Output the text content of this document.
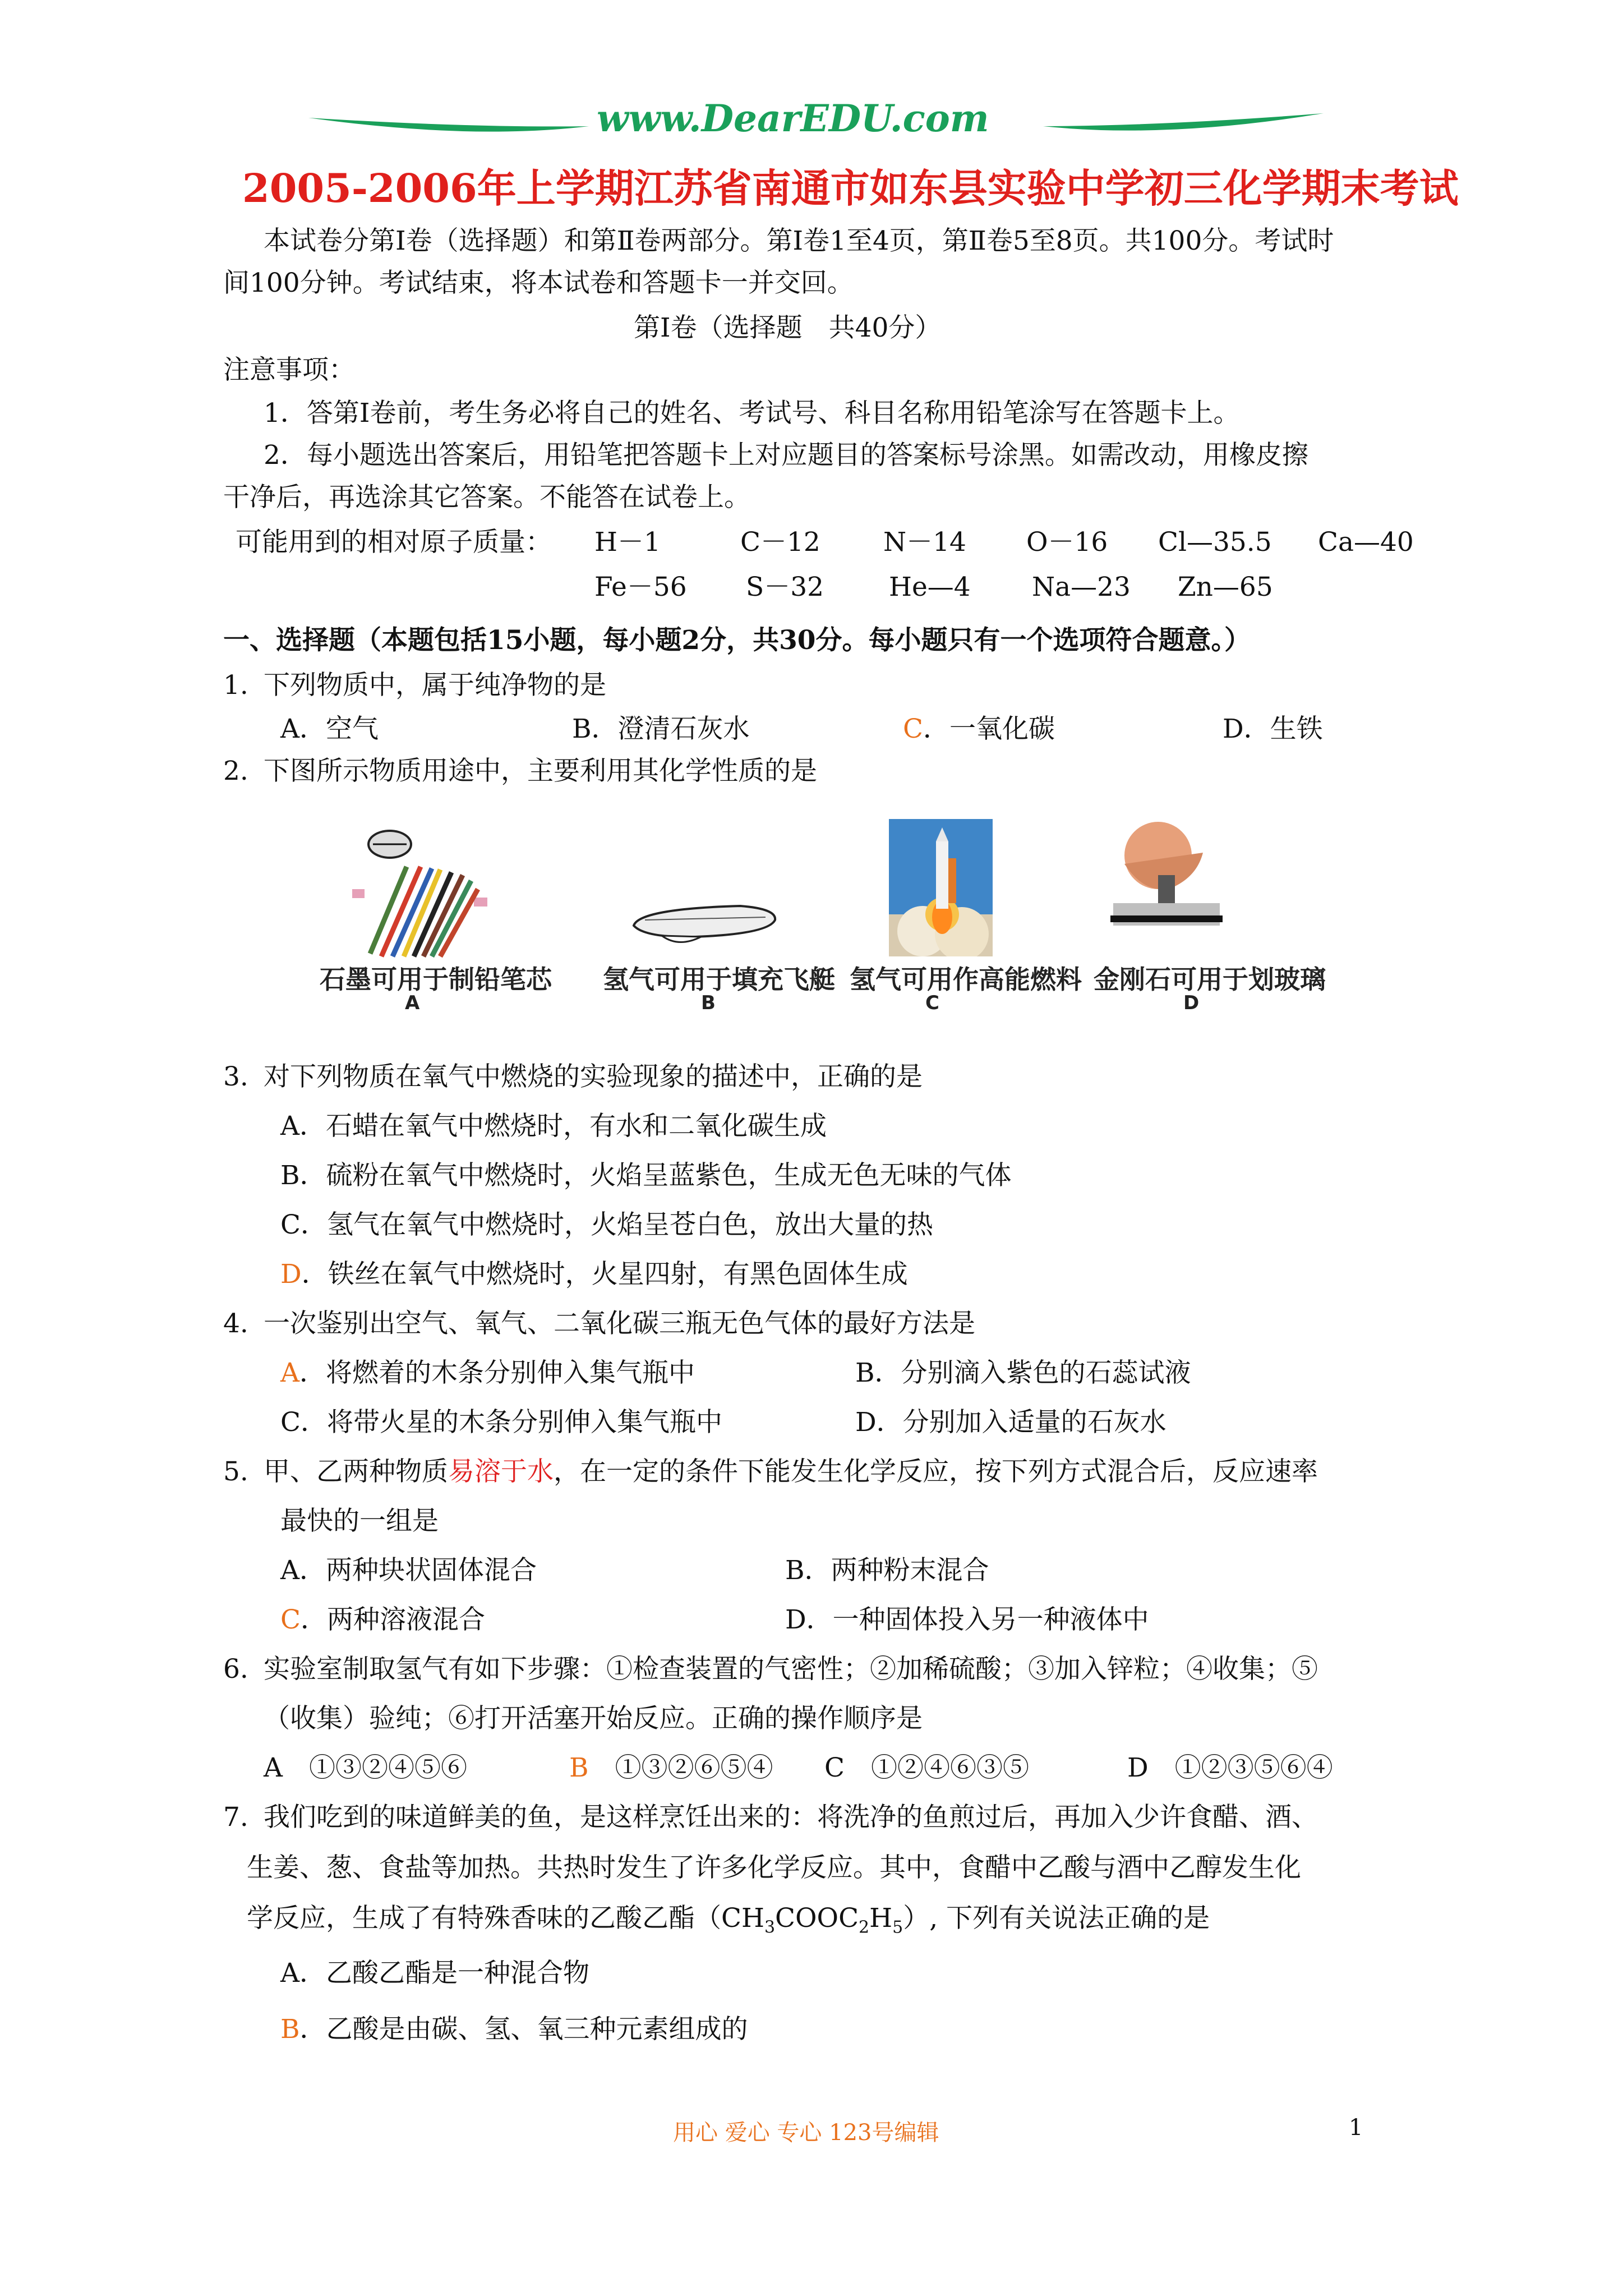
www.DearEDU.com
2005-2006年上学期江苏省南通市如东县实验中学初三化学期末考试
本试卷分第Ⅰ卷（选择题）和第Ⅱ卷两部分。第Ⅰ卷1至4页，第Ⅱ卷5至8页。共100分。考试时
间100分钟。考试结束，将本试卷和答题卡一并交回。
第Ⅰ卷（选择题　共40分）
注意事项：
1．答第Ⅰ卷前，考生务必将自己的姓名、考试号、科目名称用铅笔涂写在答题卡上。
2．每小题选出答案后，用铅笔把答题卡上对应题目的答案标号涂黑。如需改动，用橡皮擦
干净后，再选涂其它答案。不能答在试卷上。
可能用到的相对原子质量： H－1	C－12 N－14 O－16 Cl—35.5 Ca—40
Fe－56 S－32 He—4 Na—23 Zn—65
一、选择题（本题包括15小题，每小题2分，共30分。每小题只有一个选项符合题意。）
1. 下列物质中，属于纯净物的是
A．空气	B．澄清石灰水	C．一氧化碳	D．生铁
2. 下图所示物质用途中，主要利用其化学性质的是
石墨可用于制铅笔芯 氢气可用于填充飞艇 氢气可用作高能燃料 金刚石可用于划玻璃
A	B	C	D
3. 对下列物质在氧气中燃烧的实验现象的描述中，正确的是
A．石蜡在氧气中燃烧时，有水和二氧化碳生成
B．硫粉在氧气中燃烧时，火焰呈蓝紫色，生成无色无味的气体
C．氢气在氧气中燃烧时，火焰呈苍白色，放出大量的热
D．铁丝在氧气中燃烧时，火星四射，有黑色固体生成
4. 一次鉴别出空气、氧气、二氧化碳三瓶无色气体的最好方法是
A．将燃着的木条分别伸入集气瓶中	B．分别滴入紫色的石蕊试液
C．将带火星的木条分别伸入集气瓶中	D．分别加入适量的石灰水
5. 甲、乙两种物质易溶于水，在一定的条件下能发生化学反应，按下列方式混合后，反应速率
最快的一组是
A．两种块状固体混合	B．两种粉末混合
C．两种溶液混合	D．一种固体投入另一种液体中
6. 实验室制取氢气有如下步骤：①检查装置的气密性；②加稀硫酸；③加入锌粒；④收集；⑤
（收集）验纯；⑥打开活塞开始反应。正确的操作顺序是
A　①③②④⑤⑥	B　 ①③②⑥⑤④ C　①②④⑥③⑤	D　①②③⑤⑥④
7. 我们吃到的味道鲜美的鱼，是这样烹饪出来的：将洗净的鱼煎过后，再加入少许食醋、酒、
生姜、葱、食盐等加热。共热时发生了许多化学反应。其中，食醋中乙酸与酒中乙醇发生化
学反应，生成了有特殊香味的乙酸乙酯$(CH_3COOC_2H_5)$, 下列有关说法正确的是
A．乙酸乙酯是一种混合物
B．乙酸是由碳、氢、氧三种元素组成的
用心 爱心 专心 123号编辑	1
